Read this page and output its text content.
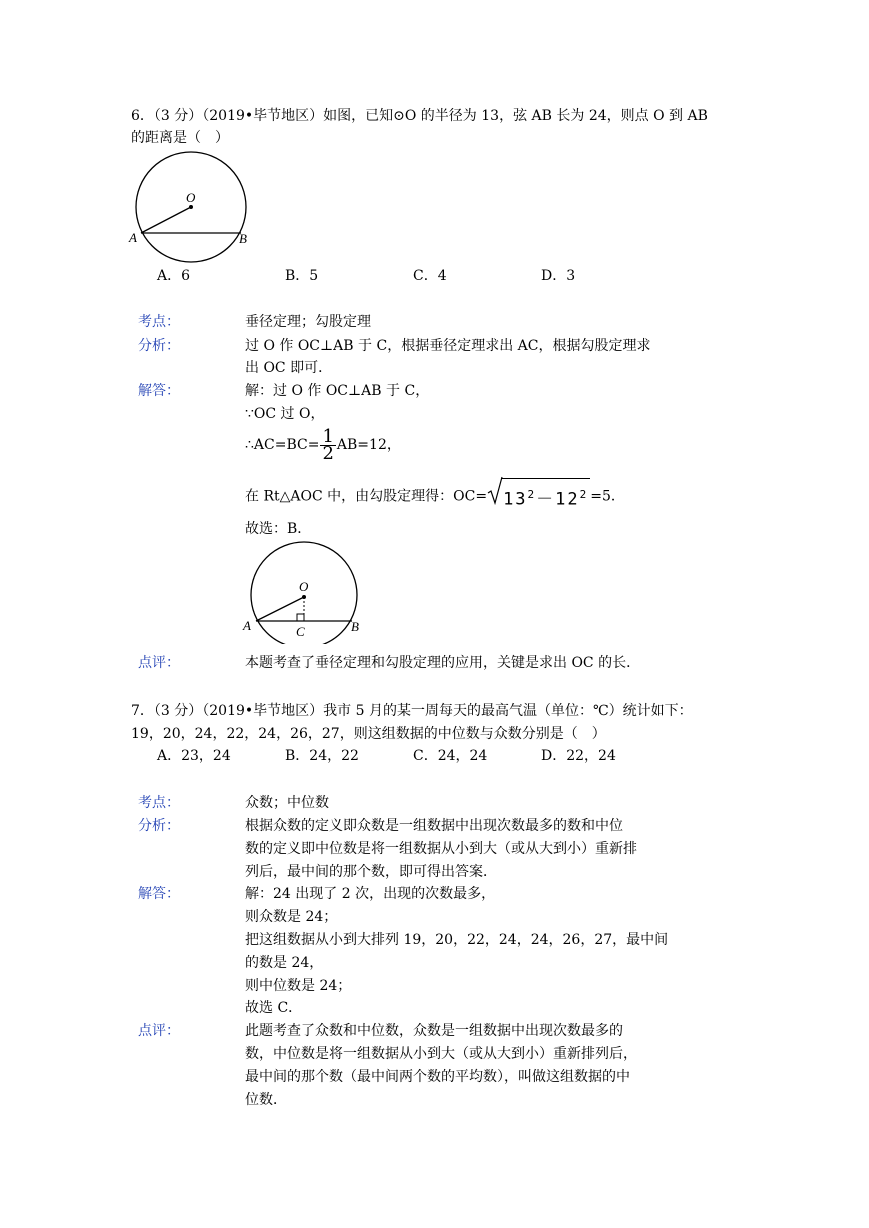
6．（3 分）（2019•毕节地区）如图，已知⊙O 的半径为 13，弦 AB 长为 24，则点 O 到 AB
的距离是（　）
O
A	B
A．6	B．5	C．4	D．3
考点：	垂径定理；勾股定理
分析：	过 O 作 OC⊥AB 于 C，根据垂径定理求出 AC，根据勾股定理求
出 OC 即可．
解答：	解：过 O 作 OC⊥AB 于 C，
∵OC 过 O，
∴AC=BC= $\frac{1}{2} AB=12$，
在 Rt△AOC 中，由勾股定理得：$OC= 13^2-12^2 =5$．
故选：B．
O
A	B
C
点评：	本题考查了垂径定理和勾股定理的应用，关键是求出 OC 的长．
7．（3 分）（2019•毕节地区）我市 5 月的某一周每天的最高气温（单位：℃）统计如下：
19，20，24，22，24，26，27，则这组数据的中位数与众数分别是（　）
A．23，24	B．24，22	C．24，24	D．22，24
考点：	众数；中位数
分析：	根据众数的定义即众数是一组数据中出现次数最多的数和中位
数的定义即中位数是将一组数据从小到大（或从大到小）重新排
列后，最中间的那个数，即可得出答案．
解答：	解：24 出现了 2 次，出现的次数最多，
则众数是 24；
把这组数据从小到大排列 19，20，22，24，24，26，27，最中间
的数是 24，
则中位数是 24；
故选 C．
点评：	此题考查了众数和中位数，众数是一组数据中出现次数最多的
数，中位数是将一组数据从小到大（或从大到小）重新排列后，
最中间的那个数（最中间两个数的平均数），叫做这组数据的中
位数．
